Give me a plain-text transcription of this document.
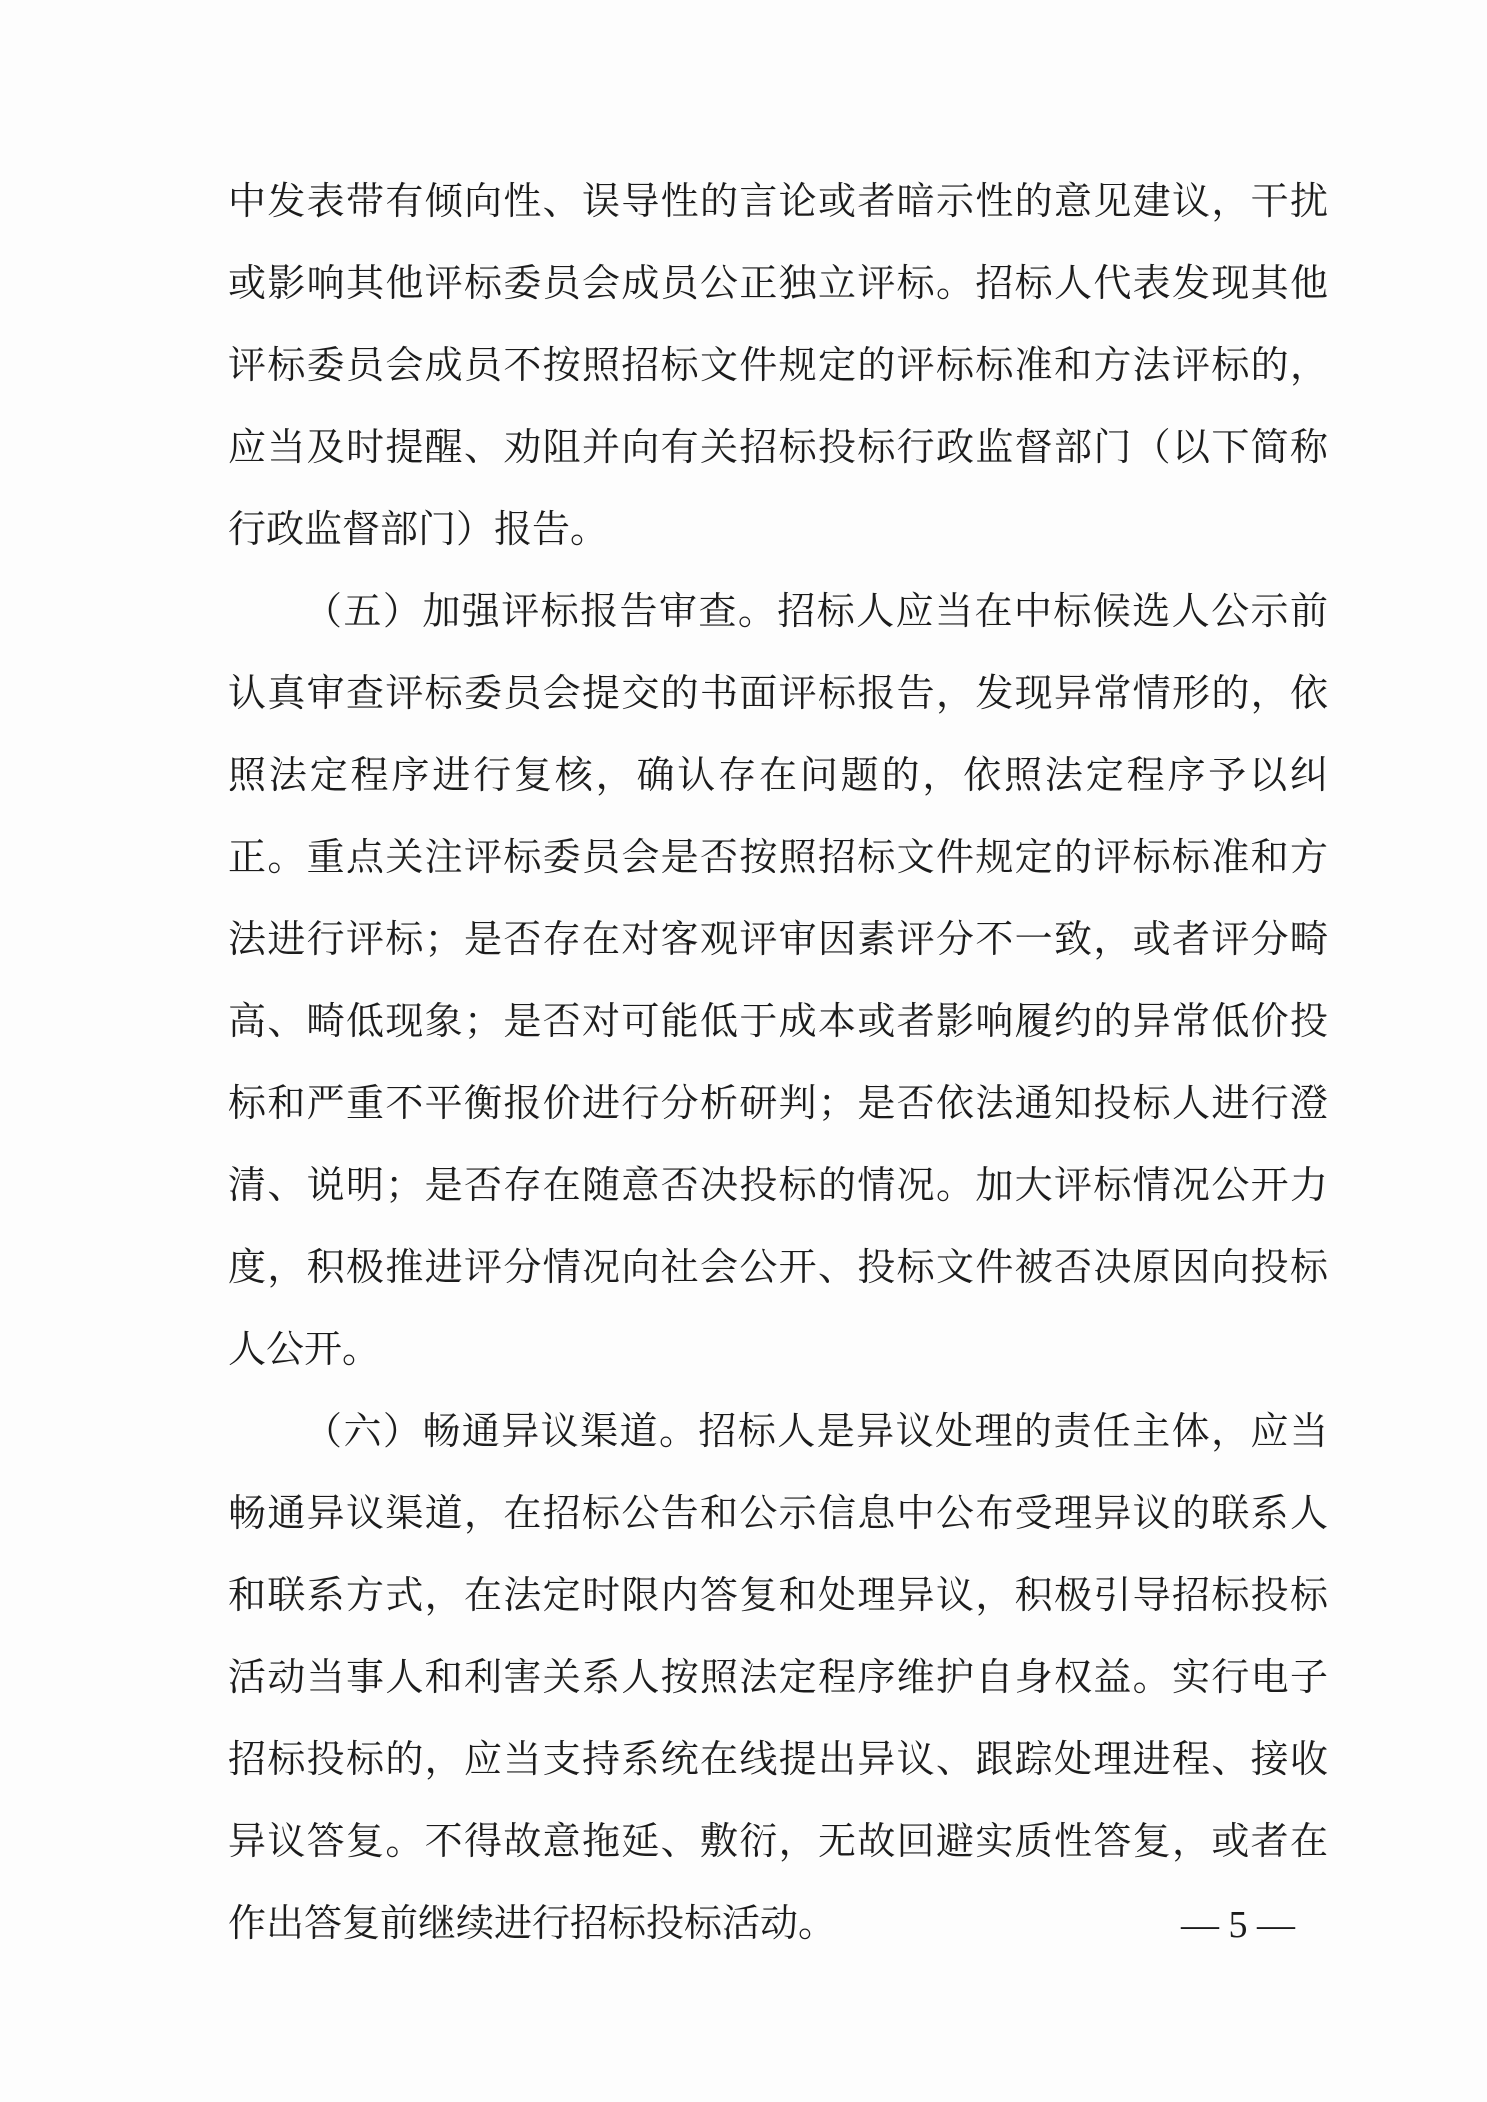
中发表带有倾向性、误导性的言论或者暗示性的意见建议，干扰
或影响其他评标委员会成员公正独立评标。招标人代表发现其他
评标委员会成员不按照招标文件规定的评标标准和方法评标的，
应当及时提醒、劝阻并向有关招标投标行政监督部门（以下简称
行政监督部门）报告。
（五）加强评标报告审查。招标人应当在中标候选人公示前
认真审查评标委员会提交的书面评标报告，发现异常情形的，依
照法定程序进行复核，确认存在问题的，依照法定程序予以纠
正。重点关注评标委员会是否按照招标文件规定的评标标准和方
法进行评标；是否存在对客观评审因素评分不一致，或者评分畸
高、畸低现象；是否对可能低于成本或者影响履约的异常低价投
标和严重不平衡报价进行分析研判；是否依法通知投标人进行澄
清、说明；是否存在随意否决投标的情况。加大评标情况公开力
度，积极推进评分情况向社会公开、投标文件被否决原因向投标
人公开。
（六）畅通异议渠道。招标人是异议处理的责任主体，应当
畅通异议渠道，在招标公告和公示信息中公布受理异议的联系人
和联系方式，在法定时限内答复和处理异议，积极引导招标投标
活动当事人和利害关系人按照法定程序维护自身权益。实行电子
招标投标的，应当支持系统在线提出异议、跟踪处理进程、接收
异议答复。不得故意拖延、敷衍，无故回避实质性答复，或者在
作出答复前继续进行招标投标活动。	— 5 —
